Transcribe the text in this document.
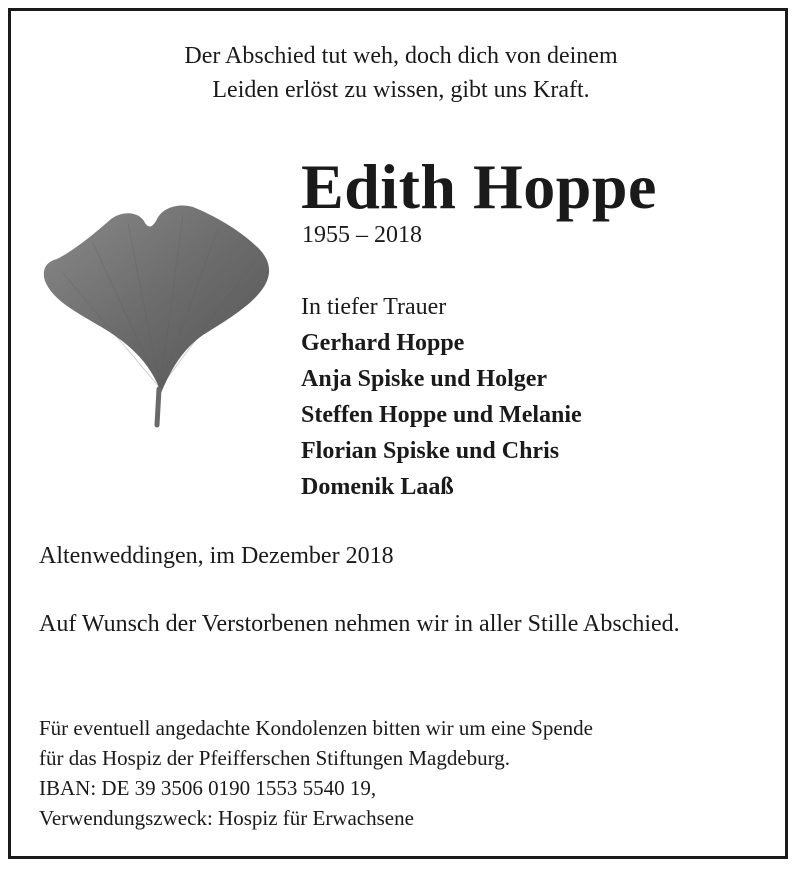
Der Abschied tut weh, doch dich von deinem
Leiden erlöst zu wissen, gibt uns Kraft.
Edith Hoppe
1955 – 2018
In tiefer Trauer
Gerhard Hoppe
Anja Spiske und Holger
Steffen Hoppe und Melanie
Florian Spiske und Chris
Domenik Laaß
Altenweddingen, im Dezember 2018
Auf Wunsch der Verstorbenen nehmen wir in aller Stille Abschied.
Für eventuell angedachte Kondolenzen bitten wir um eine Spende
für das Hospiz der Pfeifferschen Stiftungen Magdeburg.
IBAN: DE 39 3506 0190 1553 5540 19,
Verwendungszweck: Hospiz für Erwachsene
